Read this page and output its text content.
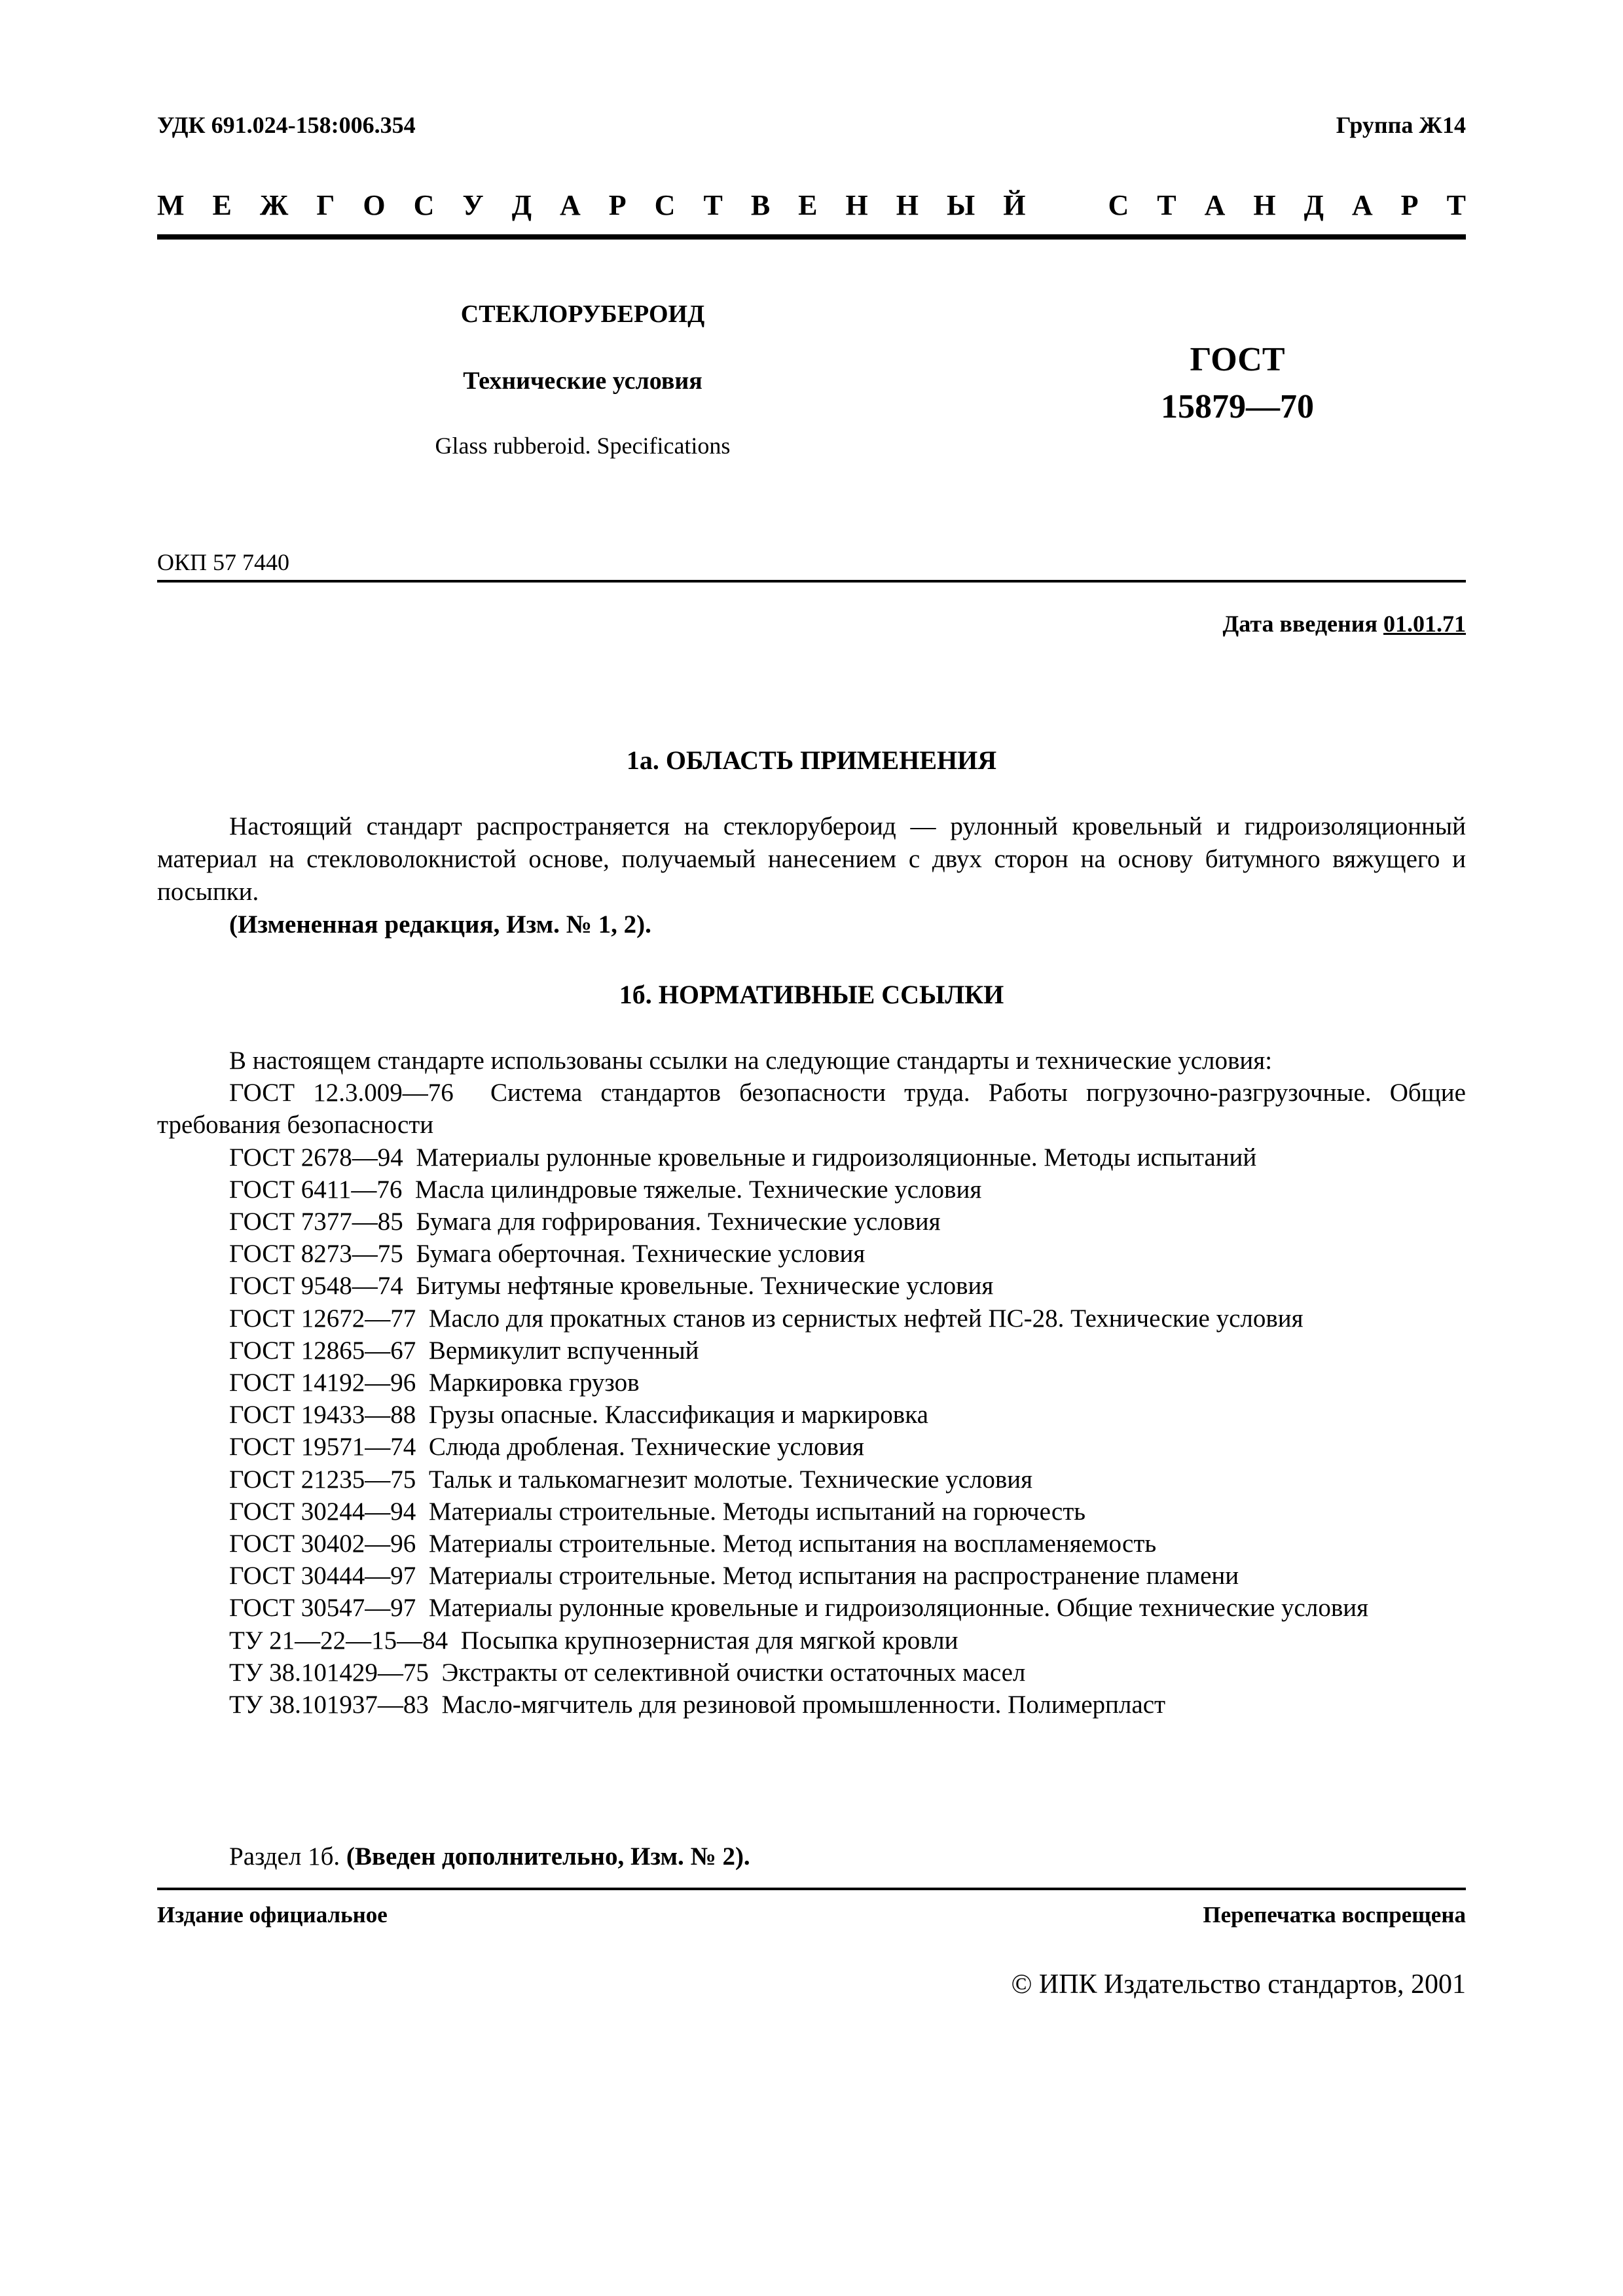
УДК 691.024-158:006.354	Группа Ж14
М Е Ж Г О С У Д А Р С Т В Е Н Н Ы Й	С Т А Н Д А Р Т
СТЕКЛОРУБЕРОИД
Технические условия
Glass rubberoid. Specifications
ГОСТ
15879—70
ОКП 57 7440
Дата введения 01.01.71
1а. ОБЛАСТЬ ПРИМЕНЕНИЯ
Настоящий стандарт распространяется на стеклорубероид — рулонный кровельный и гидроизоляционный материал на стекловолокнистой основе, получаемый нанесением с двух сторон на основу битумного вяжущего и посыпки.
(Измененная редакция, Изм. № 1, 2).
1б. НОРМАТИВНЫЕ ССЫЛКИ
В настоящем стандарте использованы ссылки на следующие стандарты и технические условия:
ГОСТ 12.3.009—76 Система стандартов безопасности труда. Работы погрузочно-разгрузочные. Общие требования безопасности
ГОСТ 2678—94 Материалы рулонные кровельные и гидроизоляционные. Методы испытаний
ГОСТ 6411—76 Масла цилиндровые тяжелые. Технические условия
ГОСТ 7377—85 Бумага для гофрирования. Технические условия
ГОСТ 8273—75 Бумага оберточная. Технические условия
ГОСТ 9548—74 Битумы нефтяные кровельные. Технические условия
ГОСТ 12672—77 Масло для прокатных станов из сернистых нефтей ПС-28. Технические условия
ГОСТ 12865—67 Вермикулит вспученный
ГОСТ 14192—96 Маркировка грузов
ГОСТ 19433—88 Грузы опасные. Классификация и маркировка
ГОСТ 19571—74 Слюда дробленая. Технические условия
ГОСТ 21235—75 Тальк и талькомагнезит молотые. Технические условия
ГОСТ 30244—94 Материалы строительные. Методы испытаний на горючесть
ГОСТ 30402—96 Материалы строительные. Метод испытания на воспламеняемость
ГОСТ 30444—97 Материалы строительные. Метод испытания на распространение пламени
ГОСТ 30547—97 Материалы рулонные кровельные и гидроизоляционные. Общие технические условия
ТУ 21—22—15—84 Посыпка крупнозернистая для мягкой кровли
ТУ 38.101429—75 Экстракты от селективной очистки остаточных масел
ТУ 38.101937—83 Масло-мягчитель для резиновой промышленности. Полимерпласт
Раздел 1б. (Введен дополнительно, Изм. № 2).
Издание официальное	Перепечатка воспрещена
© ИПК Издательство стандартов, 2001
